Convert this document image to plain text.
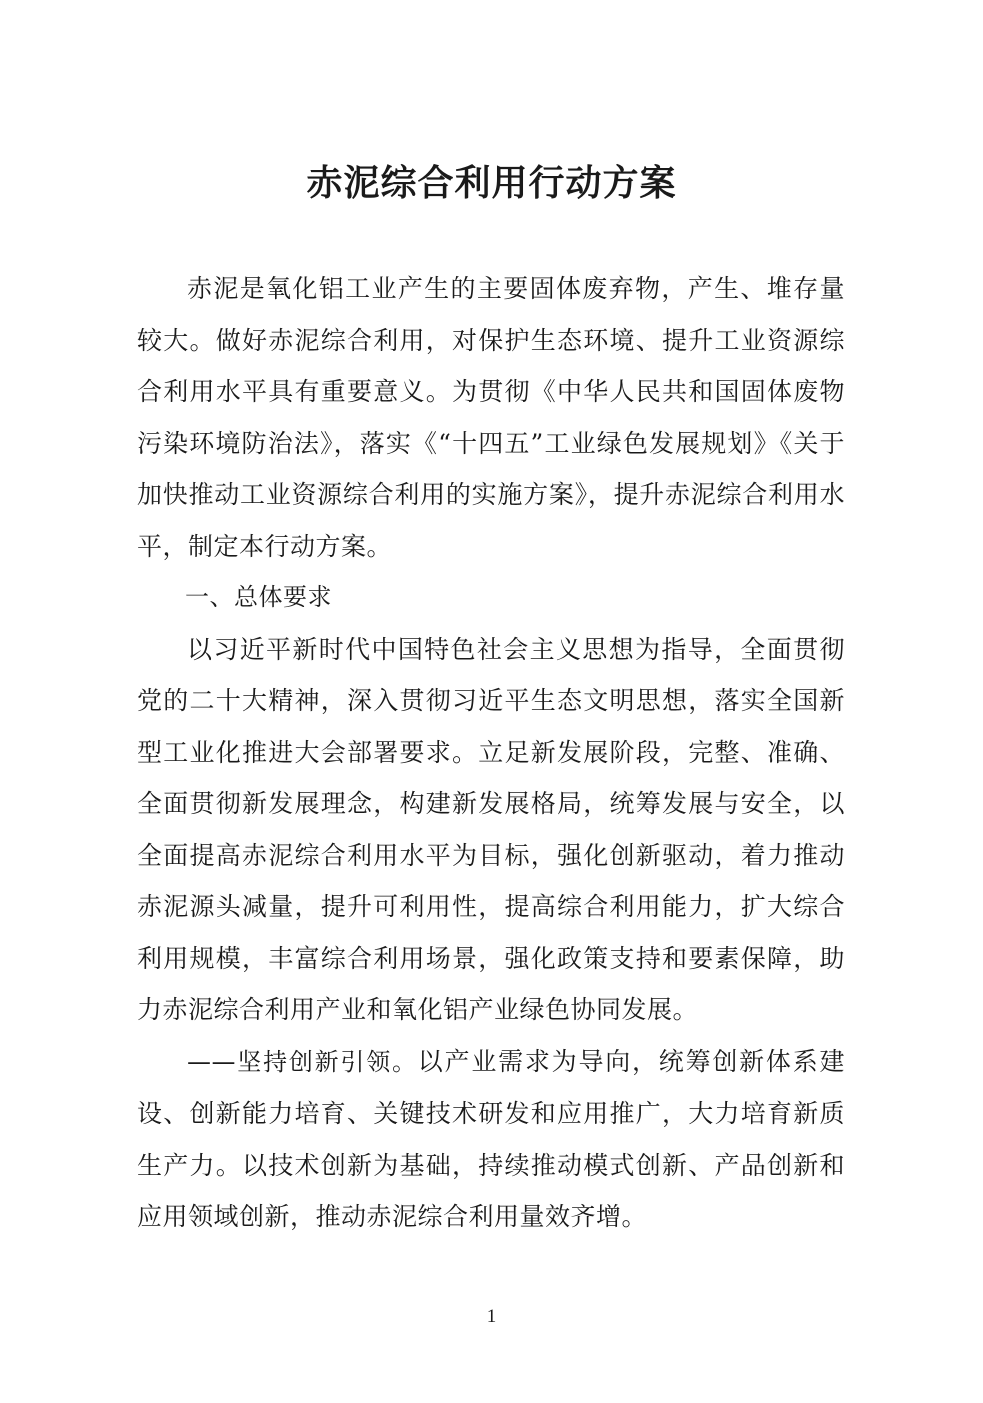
赤泥综合利用行动方案

赤泥是氧化铝工业产生的主要固体废弃物，产生、堆存量较大。做好赤泥综合利用，对保护生态环境、提升工业资源综合利用水平具有重要意义。为贯彻《中华人民共和国固体废物污染环境防治法》，落实《“十四五”工业绿色发展规划》《关于加快推动工业资源综合利用的实施方案》，提升赤泥综合利用水平，制定本行动方案。

一、总体要求

以习近平新时代中国特色社会主义思想为指导，全面贯彻党的二十大精神，深入贯彻习近平生态文明思想，落实全国新型工业化推进大会部署要求。立足新发展阶段，完整、准确、全面贯彻新发展理念，构建新发展格局，统筹发展与安全，以全面提高赤泥综合利用水平为目标，强化创新驱动，着力推动赤泥源头减量，提升可利用性，提高综合利用能力，扩大综合利用规模，丰富综合利用场景，强化政策支持和要素保障，助力赤泥综合利用产业和氧化铝产业绿色协同发展。

——坚持创新引领。以产业需求为导向，统筹创新体系建设、创新能力培育、关键技术研发和应用推广，大力培育新质生产力。以技术创新为基础，持续推动模式创新、产品创新和应用领域创新，推动赤泥综合利用量效齐增。

1
